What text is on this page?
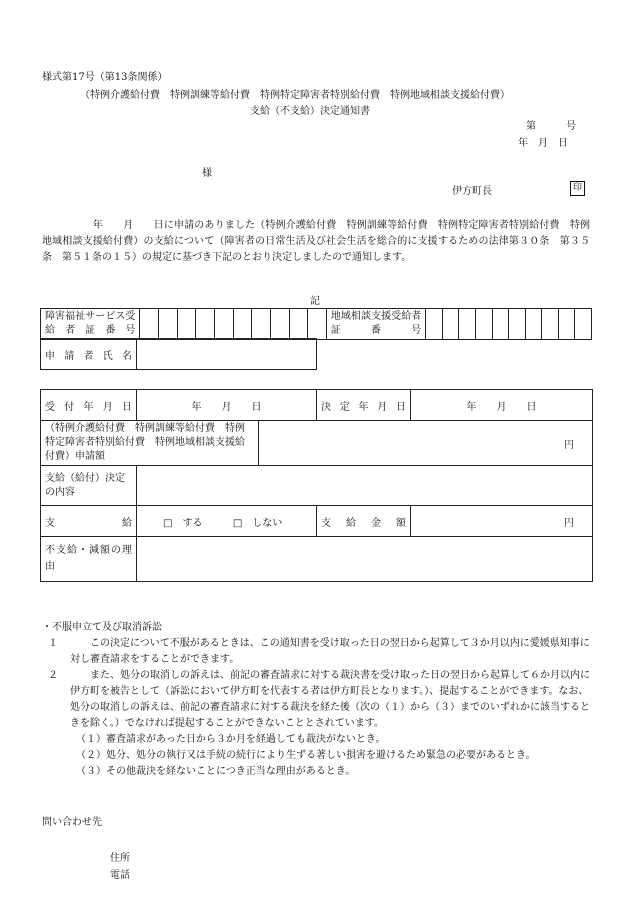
様式第17号（第13条関係）
（特例介護給付費　特例訓練等給付費　特例特定障害者特別給付費　特例地域相談支援給付費）
支給（不支給）決定通知書
第　　　号
年　月　日
様
伊方町長	印
　　　　　年　　月　　日に申請のありました（特例介護給付費　特例訓練等給付費　特例特定障害者特別給付費　特例地域相談支援給付費）の支給について（障害者の日常生活及び社会生活を総合的に支援するための法律第３０条　第３５条　第５１条の１５）の規定に基づき下記のとおり決定しましたので通知します。
記
障害福祉サービス受給者証番号											地域相談支援受給者証番号										
申請者氏名	
受付年月日	年　　月　　日		決定年月日	年　　月　　日
（特例介護給付費　特例訓練等給付費　特例特定障害者特別給付費　特例地域相談支援給付費）申請額		円		
支給（給付）決定の内容				
支給	□　する □　しない		支給金額	円
不支給・減額の理由				
・不服申立て及び取消訴訟
１	この決定について不服があるときは、この通知書を受け取った日の翌日から起算して３か月以内に愛媛県知事に対し審査請求をすることができます。
２	また、処分の取消しの訴えは、前記の審査請求に対する裁決書を受け取った日の翌日から起算して６か月以内に伊方町を被告として（訴訟において伊方町を代表する者は伊方町長となります。）、提起することができます。なお、処分の取消しの訴えは、前記の審査請求に対する裁決を経た後（次の（１）から（３）までのいずれかに該当するときを除く。）でなければ提起することができないこととされています。
（１）審査請求があった日から３か月を経過しても裁決がないとき。
（２）処分、処分の執行又は手続の続行により生ずる著しい損害を避けるため緊急の必要があるとき。
（３）その他裁決を経ないことにつき正当な理由があるとき。
問い合わせ先
住所
電話
